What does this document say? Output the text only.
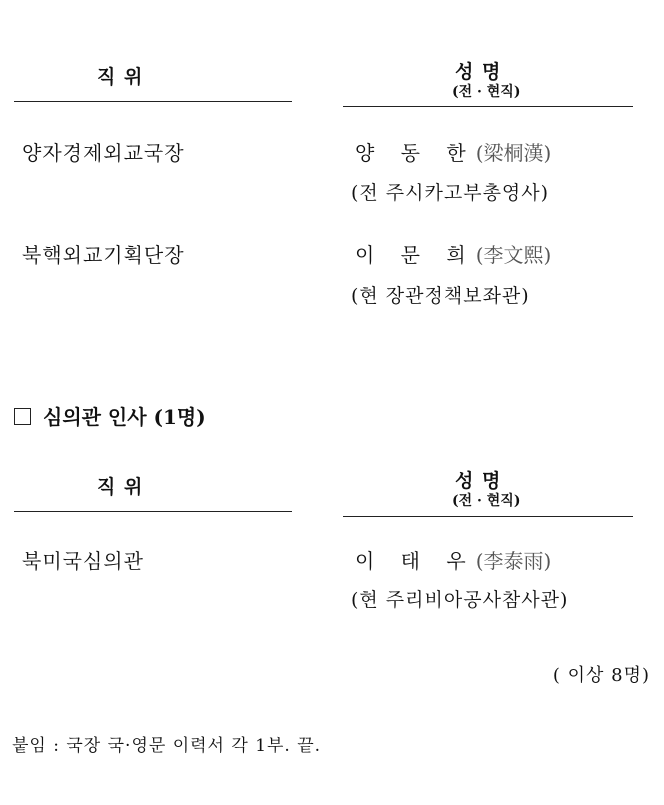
직 위	성 명
(전 · 현직)
양자경제외교국장	양 동 한(梁桐漢)
(전 주시카고부총영사)
북핵외교기획단장	이 문 희(李文熙)
(현 장관정책보좌관)
심의관 인사 (1명)
직 위	성 명
(전 · 현직)
북미국심의관	이 태 우(李泰雨)
(현 주리비아공사참사관)
( 이상 8명)
붙임 : 국장 국·영문 이력서 각 1부. 끝.
